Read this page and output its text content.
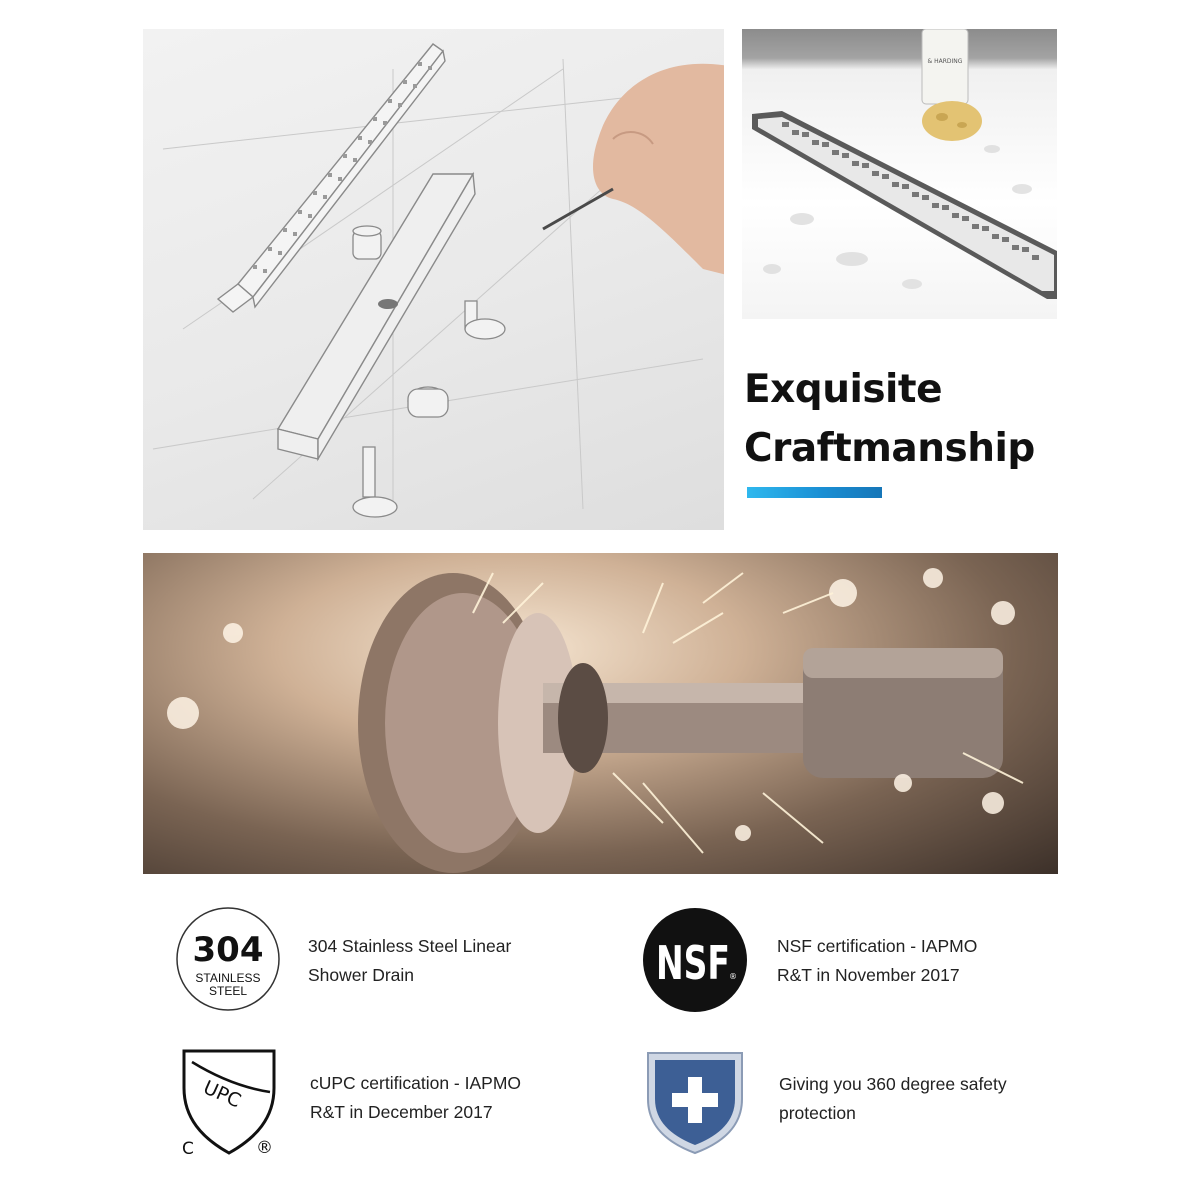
& HARDING
Exquisite
Craftmanship
304
STAINLESS
STEEL

304 Stainless Steel Linear
Shower Drain	NSF ®

NSF certification - IAPMO
R&T in November 2017

UPC
C	®

cUPC certification - IAPMO
R&T in December 2017

Giving you 360 degree safety
protection
